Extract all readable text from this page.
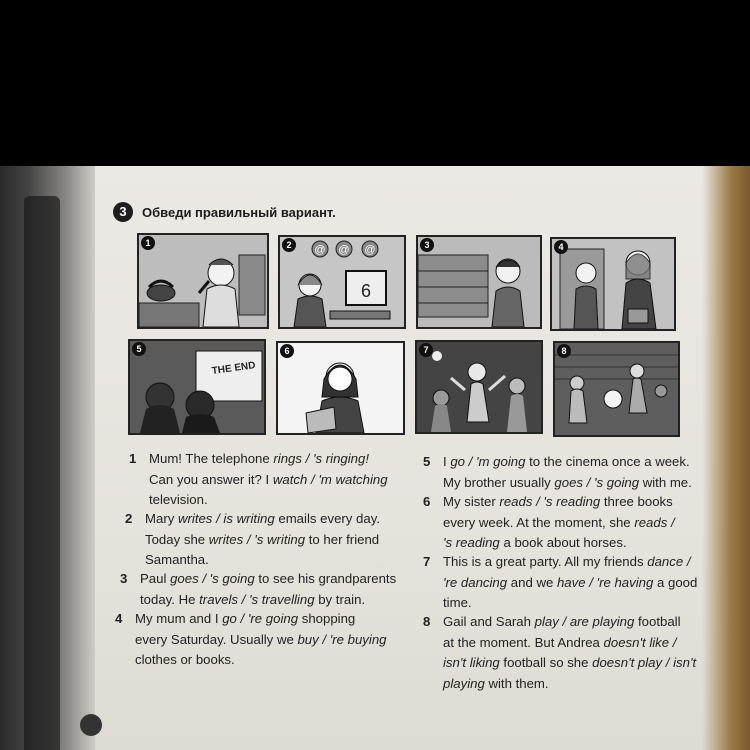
3	Обведи правильный вариант.
1	2	@ @ @
6
3	4
5
THE END
6	7	8
1 Mum! The telephone rings / 's ringing!
Can you answer it? I watch / 'm watching
television.
2 Mary writes / is writing emails every day.
Today she writes / 's writing to her friend
Samantha.
3 Paul goes / 's going to see his grandparents
today. He travels / 's travelling by train.
4 My mum and I go / 're going shopping
every Saturday. Usually we buy / 're buying
clothes or books.
5 I go / 'm going to the cinema once a week.
My brother usually goes / 's going with me.
6 My sister reads / 's reading three books
every week. At the moment, she reads /
's reading a book about horses.
7 This is a great party. All my friends dance /
're dancing and we have / 're having a good
time.
8 Gail and Sarah play / are playing football
at the moment. But Andrea doesn't like /
isn't liking football so she doesn't play / isn't
playing with them.
